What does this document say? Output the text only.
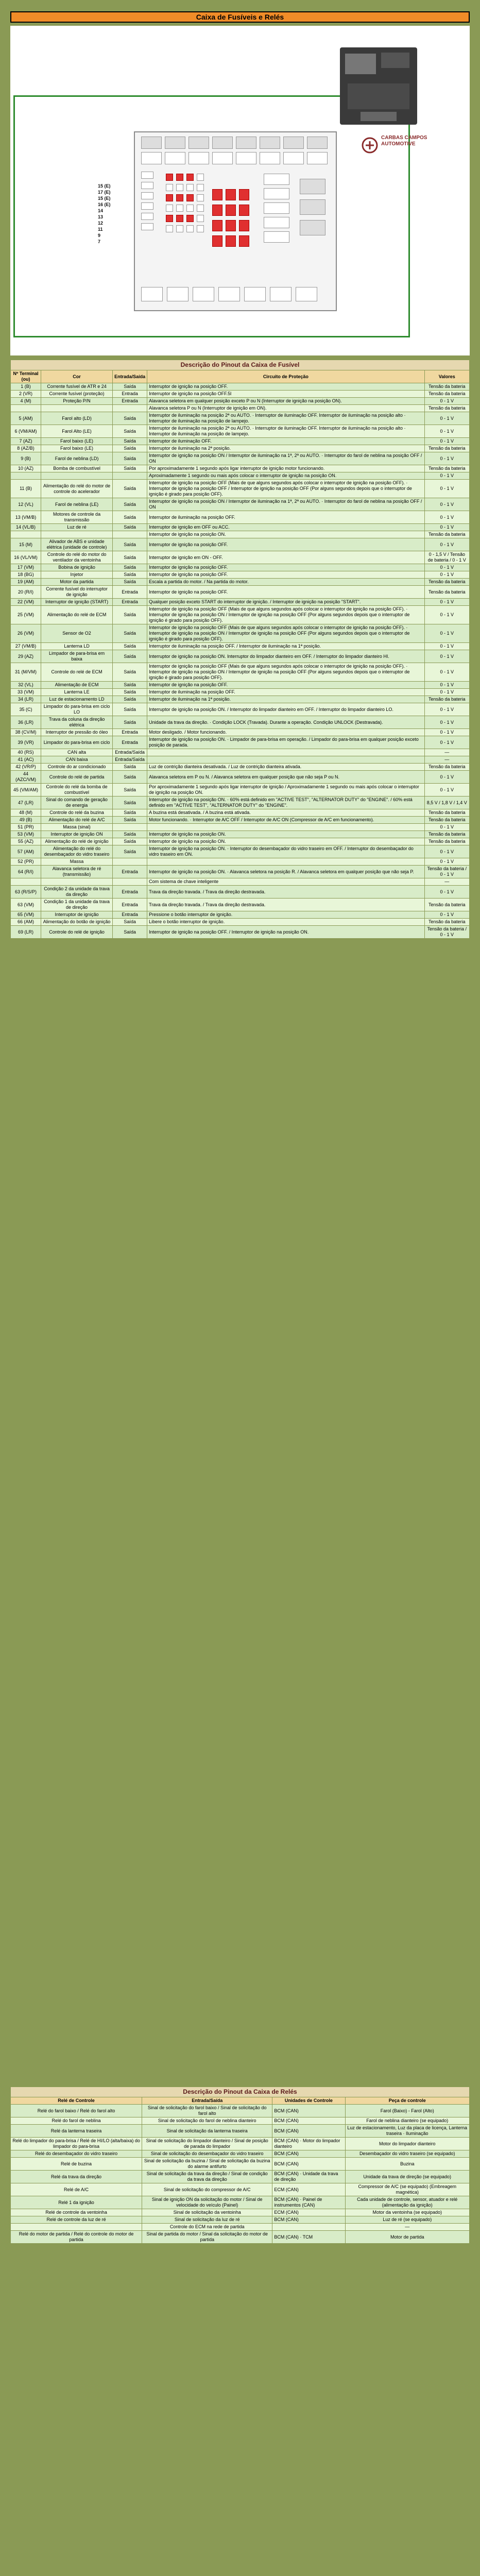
Caixa de Fusíveis e Relés
15 (E)
17 (E)
15 (E)
16 (E)
14
13
12
11
9
7
CARBAS CAMPOS
AUTOMOTIVE
Descrição do Pinout da Caixa de Fusível				
Nº Terminal (ou)	Cor	Entrada/Saída	Circuito de Proteção	Valores
1 (B)	Corrente fusível de ATR e 24	Saída	Interruptor de ignição na posição OFF.	Tensão da bateria
2 (VR)	Corrente fusível (proteção)	Entrada	Interruptor de ignição na posição OFF.5l	Tensão da bateria
4 (M)	Proteção P/N	Entrada	Alavanca seletora em qualquer posição exceto P ou N (Interruptor de ignição na posição ON).	0 - 1 V
			Alavanca seletora P ou N (Interruptor de ignição em ON).	Tensão da bateria
5 (AM)	Farol alto (LD)	Saída	Interruptor de iluminação na posição 2ª ou AUTO. · Interruptor de iluminação OFF. Interruptor de iluminação na posição alto · Interruptor de iluminação na posição de lampejo.	0 - 1 V
6 (VM/AM)	Farol Alto (LE)	Saída	Interruptor de iluminação na posição 2ª ou AUTO. · Interruptor de iluminação OFF. Interruptor de iluminação na posição alto · Interruptor de iluminação na posição de lampejo.	0 - 1 V
7 (AZ)	Farol baixo (LE)	Saída	Interruptor de iluminação OFF.	0 - 1 V
8 (AZ/B)	Farol baixo (LE)	Saída	Interruptor de iluminação na 2ª posição.	Tensão da bateria
9 (B)	Farol de neblina (LD)	Saída	Interruptor de ignição na posição ON / Interruptor de iluminação na 1ª, 2ª ou AUTO. · Interruptor do farol de neblina na posição OFF / ON	0 - 1 V
10 (AZ)	Bomba de combustível	Saída	Por aproximadamente 1 segundo após ligar interruptor de ignição motor funcionando.	Tensão da bateria
			Aproximadamente 1 segundo ou mais após colocar o interruptor de ignição na posição ON.	0 - 1 V
11 (B)	Alimentação do relé do motor de controle do acelerador	Saída	Interruptor de ignição na posição OFF (Mais de que alguns segundos após colocar o interruptor de ignição na posição OFF). · Interruptor de ignição na posição OFF / Interruptor de ignição na posição OFF (Por alguns segundos depois que o interruptor de ignição é girado para posição OFF).	0 - 1 V
12 (VL)	Farol de neblina (LE)	Saída	Interruptor de ignição na posição ON / Interruptor de iluminação na 1ª, 2ª ou AUTO. · Interruptor do farol de neblina na posição OFF / ON	0 - 1 V
13 (VM/B)	Motores de controle da transmissão	Saída	Interruptor de iluminação na posição OFF.	0 - 1 V
14 (VL/B)	Luz de ré	Saída	Interruptor de ignição em OFF ou ACC.	0 - 1 V
			Interruptor de ignição na posição ON.	Tensão da bateria
15 (M)	Alivador de ABS e unidade elétrica (unidade de controle)	Saída	Interruptor de ignição na posição OFF.	0 - 1 V
16 (VL/VM)	Controle do relé do motor do ventilador da ventoinha	Saída	Interruptor de ignição em ON - OFF.	0 - 1,5 V / Tensão de bateria / 0 - 1 V
17 (VM)	Bobina de ignição	Saída	Interruptor de ignição na posição OFF.	0 - 1 V
18 (BG)	Injetor	Saída	Interruptor de ignição na posição OFF.	0 - 1 V
19 (AM)	Motor da partida	Saída	Escala a partida do motor. / Na partida do motor.	Tensão da bateria
20 (R/I)	Corrente fusível do interruptor de ignição	Entrada	Interruptor de ignição na posição OFF.	Tensão da bateria
22 (VM)	Interruptor de ignição (START)	Entrada	Qualquer posição exceto START do interruptor de ignição. / Interruptor de ignição na posição "START".	0 - 1 V
25 (VM)	Alimentação do relé de ECM	Saída	Interruptor de ignição na posição OFF (Mais de que alguns segundos após colocar o interruptor de ignição na posição OFF). · Interruptor de ignição na posição ON / Interruptor de ignição na posição OFF (Por alguns segundos depois que o interruptor de ignição é girado para posição OFF).	0 - 1 V
26 (VM)	Sensor de O2	Saída	Interruptor de ignição na posição OFF (Mais de que alguns segundos após colocar o interruptor de ignição na posição OFF). · Interruptor de ignição na posição ON / Interruptor de ignição na posição OFF (Por alguns segundos depois que o interruptor de ignição é girado para posição OFF).	0 - 1 V
27 (VM/B)	Lanterna LD	Saída	Interruptor de iluminação na posição OFF. / Interruptor de iluminação na 1ª posição.	0 - 1 V
29 (AZ)	Limpador de para-brisa em baixa	Saída	Interruptor de ignição na posição ON. Interruptor do limpador dianteiro em OFF. / Interruptor do limpador dianteiro HI.	0 - 1 V
31 (M/VM)	Controle do relé de ECM	Saída	Interruptor de ignição na posição OFF (Mais de que alguns segundos após colocar o interruptor de ignição na posição OFF). · Interruptor de ignição na posição ON / Interruptor de ignição na posição OFF (Por alguns segundos depois que o interruptor de ignição é girado para posição OFF).	0 - 1 V
32 (VL)	Alimentação de ECM	Saída	Interruptor de ignição na posição OFF.	0 - 1 V
33 (VM)	Lanterna LE	Saída	Interruptor de iluminação na posição OFF.	0 - 1 V
34 (LR)	Luz de estacionamento LD	Saída	Interruptor de iluminação na 1ª posição.	Tensão da bateria
35 (C)	Limpador do para-brisa em ciclo LO	Saída	Interruptor de ignição na posição ON. / Interruptor do limpador dianteiro em OFF. / Interruptor do limpador dianteiro LO.	0 - 1 V
36 (LR)	Trava da coluna da direção elétrica	Saída	Unidade da trava da direção. · Condição LOCK (Travada). Durante a operação. Condição UNLOCK (Destravada).	0 - 1 V
38 (CV/M)	Interruptor de pressão do óleo	Entrada	Motor desligado. / Motor funcionando.	0 - 1 V
39 (VR)	Limpador do para-brisa em ciclo	Entrada	Interruptor de ignição na posição ON. · Limpador de para-brisa em operação. / Limpador do para-brisa em qualquer posição exceto posição de parada.	0 - 1 V
40 (RS)	CAN alta	Entrada/Saída		—
41 (AC)	CAN baixa	Entrada/Saída		—
42 (VR/P)	Controle do ar condicionado	Saída	Luz de contrição dianteira desativada. / Luz de contrição dianteira ativada.	Tensão da bateria
44 (AZC/VM)	Controle do relé de partida	Saída	Alavanca seletora em P ou N. / Alavanca seletora em qualquer posição que não seja P ou N.	0 - 1 V
45 (VM/AM)	Controle do relé da bomba de combustível	Saída	Por aproximadamente 1 segundo após ligar interruptor de ignição / Aproximadamente 1 segundo ou mais após colocar o interruptor de ignição na posição ON.	0 - 1 V
47 (LR)	Sinal do comando de geração de energia	Saída	Interruptor de ignição na posição ON. · 60% está definido em "ACTIVE TEST", "ALTERNATOR DUTY" do "ENGINE". / 60% está definido em "ACTIVE TEST", "ALTERNATOR DUTY" do "ENGINE".	8,5 V / 1,8 V / 1,4 V
48 (M)	Controle do relé da buzina	Saída	A buzina está desativada. / A buzina está ativada.	Tensão da bateria
49 (B)	Alimentação do relé de A/C	Saída	Motor funcionando. · Interruptor de A/C OFF / Interruptor de A/C ON (Compressor de A/C em funcionamento).	Tensão da bateria
51 (PR)	Massa (sinal)			0 - 1 V
53 (VM)	Interruptor de ignição ON	Saída	Interruptor de ignição na posição ON.	Tensão da bateria
55 (AZ)	Alimentação do relé de ignição	Saída	Interruptor de ignição na posição ON.	Tensão da bateria
57 (AM)	Alimentação do relé do desembaçador do vidro traseiro	Saída	Interruptor de ignição na posição ON. · Interruptor do desembaçador do vidro traseiro em OFF. / Interruptor do desembaçador do vidro traseiro em ON.	0 - 1 V
52 (PR)	Massa			0 - 1 V
64 (R/I)	Alavanca seletora de ré (transmissão)	Entrada	Interruptor de ignição na posição ON. · Alavanca seletora na posição R. / Alavanca seletora em qualquer posição que não seja P.	Tensão da bateria / 0 - 1 V
			Com sistema de chave inteligente	—
63 (R/S/P)	Condição 2 da unidade da trava da direção	Entrada	Trava da direção travada. / Trava da direção destravada.	0 - 1 V
63 (VM)	Condição 1 da unidade da trava de direção	Entrada	Trava da direção travada. / Trava da direção destravada.	Tensão da bateria
65 (VM)	Interruptor de ignição	Entrada	Pressione o botão interruptor de ignição.	0 - 1 V
66 (AM)	Alimentação do botão de ignição	Saída	Libere o botão interruptor de ignição.	Tensão da bateria
69 (LR)	Controle do relé de ignição	Saída	Interruptor de ignição na posição OFF. / Interruptor de ignição na posição ON.	Tensão da bateria / 0 - 1 V
Descrição do Pinout da Caixa de Relés			
Relé de Controle	Entrada/Saída	Unidades de Controle	Peça de controle
Relé do farol baixo / Relé do farol alto	Sinal de solicitação do farol baixo / Sinal de solicitação do farol alto	BCM (CAN)	Farol (Baixo) - Farol (Alto)
Relé do farol de neblina	Sinal de solicitação do farol de neblina dianteiro	BCM (CAN)	Farol de neblina dianteiro (se equipado)
Relé da lanterna traseira	Sinal de solicitação da lanterna traseira	BCM (CAN)	Luz de estacionamento, Luz da placa de licença, Lanterna traseira · Iluminação
Relé do limpador do para-brisa / Relé de HI/LO (alta/baixa) do limpador do para-brisa	Sinal de solicitação do limpador dianteiro / Sinal de posição de parada do limpador	BCM (CAN) · Motor do limpador dianteiro	Motor do limpador dianteiro
Relé do desembaçador do vidro traseiro	Sinal de solicitação do desembaçador do vidro traseiro	BCM (CAN)	Desembaçador do vidro traseiro (se equipado)
Relé de buzina	Sinal de solicitação da buzina / Sinal de solicitação da buzina do alarme antifurto	BCM (CAN)	Buzina
Relé da trava da direção	Sinal de solicitação da trava da direção / Sinal de condição da trava da direção	BCM (CAN) · Unidade da trava de direção	Unidade da trava de direção (se equipado)
Relé de A/C	Sinal de solicitação do compressor de A/C	ECM (CAN)	Compressor de A/C (se equipado) (Embreagem magnética)
Relé 1 da ignição	Sinal de ignição ON da solicitação do motor / Sinal de velocidade do veículo (Painel)	BCM (CAN) · Painel de instrumentos (CAN)	Cada unidade de controle, sensor, atuador e relé (alimentação da ignição)
Relé de controle da ventoinha	Sinal de solicitação da ventoinha	ECM (CAN)	Motor da ventoinha (se equipado)
Relé de controle da luz de ré	Sinal de solicitação da luz de ré	BCM (CAN)	Luz de ré (se equipado)
	Controle do ECM na rede de partida		—
Relé do motor de partida / Relé do controle do motor de partida	Sinal de partida do motor / Sinal da solicitação do motor de partida	BCM (CAN) · TCM	Motor de partida
